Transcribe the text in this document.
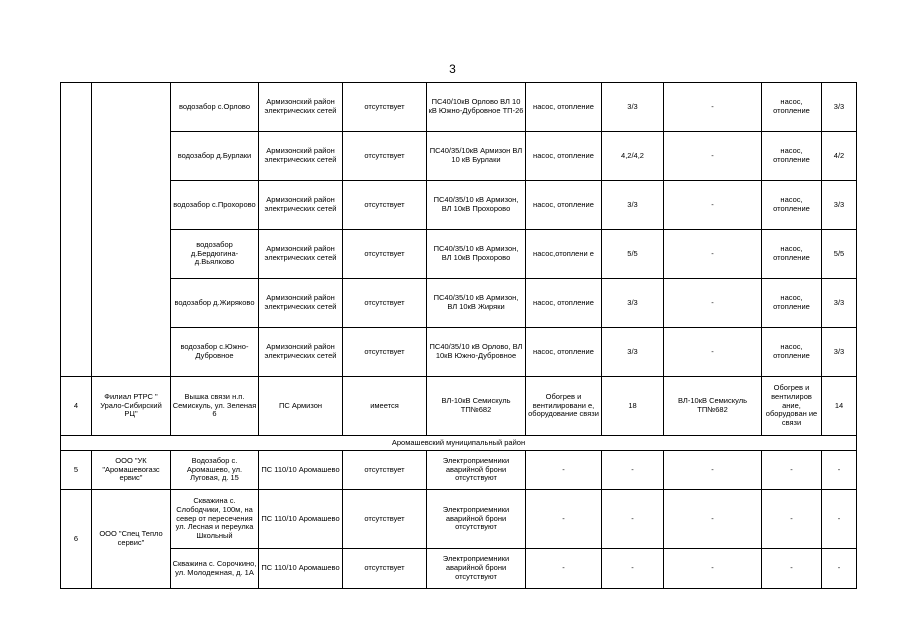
3
		водозабор с.Орлово	Армизонский район электрических сетей	отсутствует	ПС40/10кВ Орлово ВЛ 10 кВ Южно-Дубровное ТП-26	насос, отопление	3/3	-	насос, отопление	3/3
		водозабор д.Бурлаки	Армизонский район электрических сетей	отсутствует	ПС40/35/10кВ Армизон ВЛ 10 кВ Бурлаки	насос, отопление	4,2/4,2	-	насос, отопление	4/2
		водозабор с.Прохорово	Армизонский район электрических сетей	отсутствует	ПС40/35/10 кВ Армизон, ВЛ 10кВ Прохорово	насос, отопление	3/3	-	насос, отопление	3/3
		водозабор д.Бердюгина-д.Вьялково	Армизонский район электрических сетей	отсутствует	ПС40/35/10 кВ Армизон, ВЛ 10кВ Прохорово	насос,отоплени е	5/5	-	насос, отопление	5/5
		водозабор д.Жиряково	Армизонский район электрических сетей	отсутствует	ПС40/35/10 кВ Армизон, ВЛ 10кВ Жиряки	насос, отопление	3/3	-	насос, отопление	3/3
		водозабор с.Южно-Дубровное	Армизонский район электрических сетей	отсутствует	ПС40/35/10 кВ Орлово, ВЛ 10кВ Южно-Дубровное	насос, отопление	3/3	-	насос, отопление	3/3
4	Филиал РТРС " Урало-Сибирский РЦ"	Вышка связи н.п. Семискуль, ул. Зеленая 6	ПС Армизон	имеется	ВЛ-10кВ Семискуль ТП№682	Обогрев и вентилировани е, оборудование связи	18	ВЛ-10кВ Семискуль ТП№682	Обогрев и вентилиров ание, оборудован ие связи	14
Аромашевский муниципальный район										
5	ООО "УК "Аромашевогазс ервис"	Водозабор с. Аромашево, ул. Луговая, д. 15	ПС 110/10 Аромашево	отсутствует	Электроприемники аварийной брони отсутствуют	-	-	-	-	-
6	ООО "Спец Тепло сервис"	Скважина с. Слободчики, 100м, на север от пересечения ул. Лесная и переулка Школьный	ПС 110/10 Аромашево	отсутствует	Электроприемники аварийной брони отсутствуют	-	-	-	-	-
		Скважина с. Сорочкино, ул. Молодежная, д. 1А	ПС 110/10 Аромашево	отсутствует	Электроприемники аварийной брони отсутствуют	-	-	-	-	-
